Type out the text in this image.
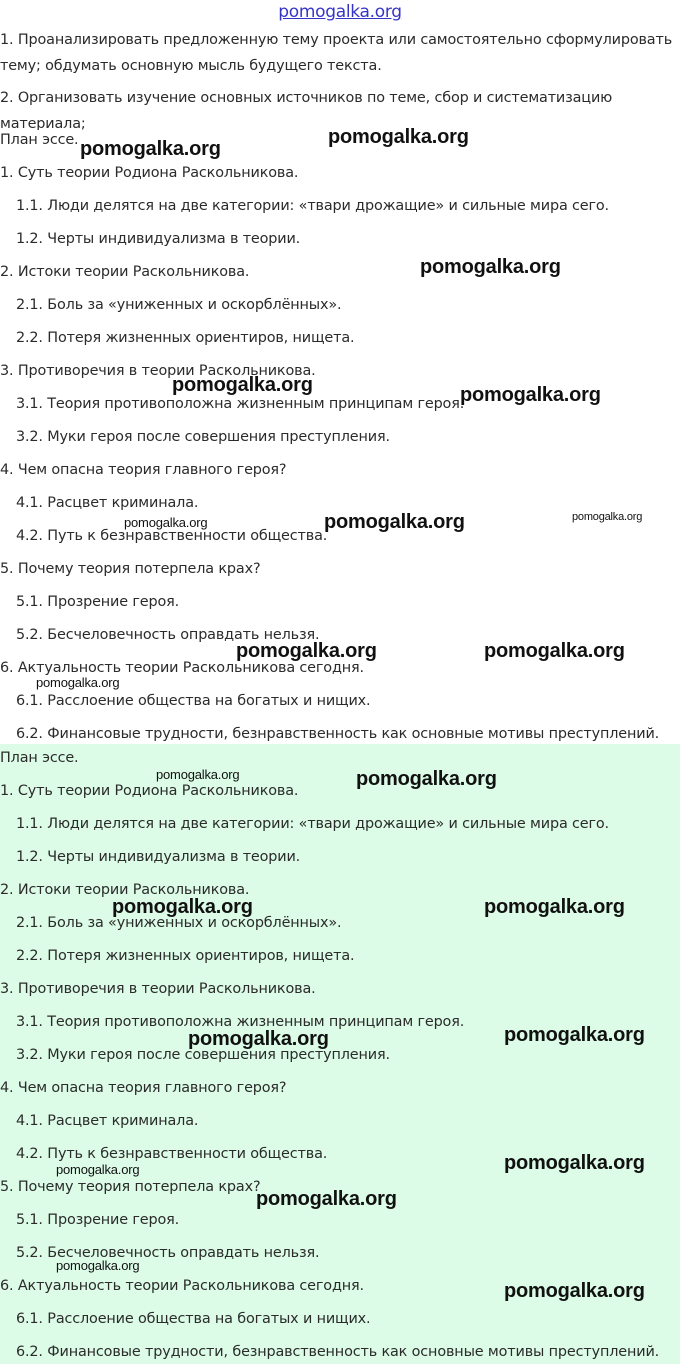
pomogalka.org

1. Проанализировать предложенную тему проекта или самостоятельно сформулировать тему; обдумать основную мысль будущего текста.

2. Организовать изучение основных источников по теме, сбор и систематизацию материала;

План эссе.
1. Суть теории Родиона Раскольникова.
1.1. Люди делятся на две категории: «твари дрожащие» и сильные мира сего.
1.2. Черты индивидуализма в теории.
2. Истоки теории Раскольникова.
2.1. Боль за «униженных и оскорблённых».
2.2. Потеря жизненных ориентиров, нищета.
3. Противоречия в теории Раскольникова.
3.1. Теория противоположна жизненным принципам героя.
3.2. Муки героя после совершения преступления.
4. Чем опасна теория главного героя?
4.1. Расцвет криминала.
4.2. Путь к безнравственности общества.
5. Почему теория потерпела крах?
5.1. Прозрение героя.
5.2. Бесчеловечность оправдать нельзя.
6. Актуальность теории Раскольникова сегодня.
6.1. Расслоение общества на богатых и нищих.
6.2. Финансовые трудности, безнравственность как основные мотивы преступлений.
План эссе.
1. Суть теории Родиона Раскольникова.
1.1. Люди делятся на две категории: «твари дрожащие» и сильные мира сего.
1.2. Черты индивидуализма в теории.
2. Истоки теории Раскольникова.
2.1. Боль за «униженных и оскорблённых».
2.2. Потеря жизненных ориентиров, нищета.
3. Противоречия в теории Раскольникова.
3.1. Теория противоположна жизненным принципам героя.
3.2. Муки героя после совершения преступления.
4. Чем опасна теория главного героя?
4.1. Расцвет криминала.
4.2. Путь к безнравственности общества.
5. Почему теория потерпела крах?
5.1. Прозрение героя.
5.2. Бесчеловечность оправдать нельзя.
6. Актуальность теории Раскольникова сегодня.
6.1. Расслоение общества на богатых и нищих.
6.2. Финансовые трудности, безнравственность как основные мотивы преступлений.
pomogalka.org
pomogalka.org
pomogalka.org
pomogalka.org	pomogalka.org
pomogalka.org	pomogalka.org	pomogalka.org
pomogalka.org	pomogalka.org
pomogalka.org
pomogalka.org	pomogalka.org
pomogalka.org	pomogalka.org
pomogalka.org	pomogalka.org
pomogalka.org	pomogalka.org
pomogalka.org
pomogalka.org
pomogalka.org
